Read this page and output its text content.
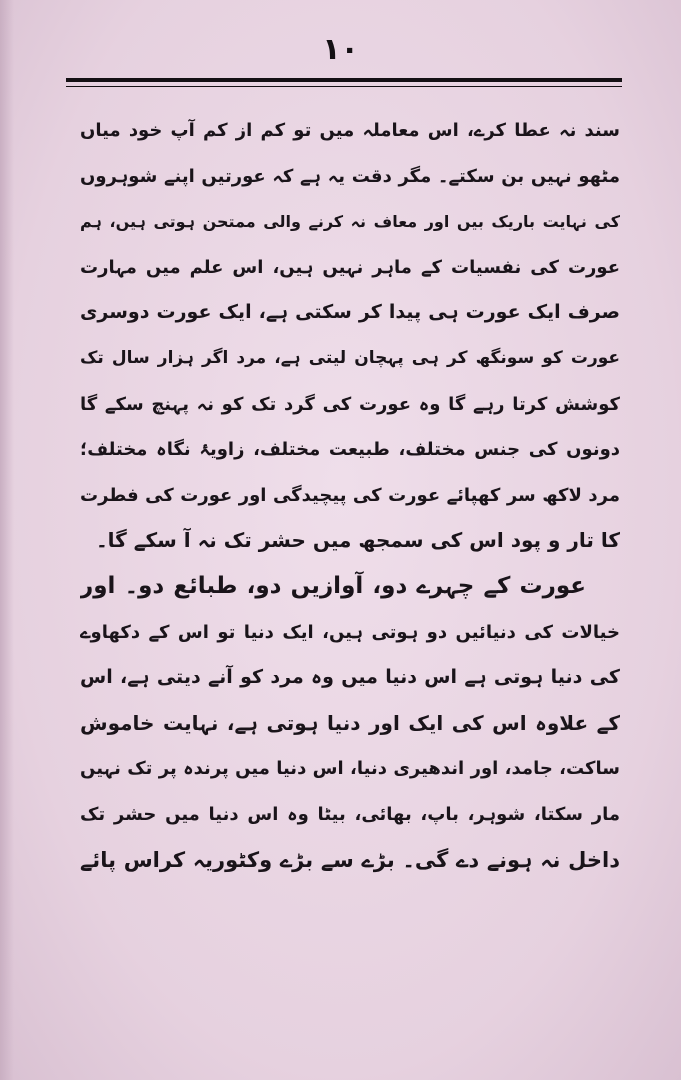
۱۰
سند نہ عطا کرے، اس معاملہ میں تو کم از کم آپ خود میاں
مٹھو نہیں بن سکتے۔ مگر دقت یہ ہے کہ عورتیں اپنے شوہروں
کی نہایت باریک بیں اور معاف نہ کرنے والی ممتحن ہوتی ہیں، ہم
عورت کی نفسیات کے ماہر نہیں ہیں، اس علم میں مہارت
صرف ایک عورت ہی پیدا کر سکتی ہے، ایک عورت دوسری
عورت کو سونگھ کر ہی پہچان لیتی ہے، مرد اگر ہزار سال تک
کوشش کرتا رہے گا وہ عورت کی گرد تک کو نہ پہنچ سکے گا
دونوں کی جنس مختلف، طبیعت مختلف، زاویۂ نگاہ مختلف؛
مرد لاکھ سر کھپائے عورت کی پیچیدگی اور عورت کی فطرت
کا تار و پود اس کی سمجھ میں حشر تک نہ آ سکے گا۔
عورت کے چہرے دو، آوازیں دو، طبائع دو۔ اور
خیالات کی دنیائیں دو ہوتی ہیں، ایک دنیا تو اس کے دکھاوے
کی دنیا ہوتی ہے اس دنیا میں وہ مرد کو آنے دیتی ہے، اس
کے علاوہ اس کی ایک اور دنیا ہوتی ہے، نہایت خاموش
ساکت، جامد، اور اندھیری دنیا، اس دنیا میں پرندہ پر تک نہیں
مار سکتا، شوہر، باپ، بھائی، بیٹا وہ اس دنیا میں حشر تک
داخل نہ ہونے دے گی۔ بڑے سے بڑے وکٹوریہ کراس پائے
